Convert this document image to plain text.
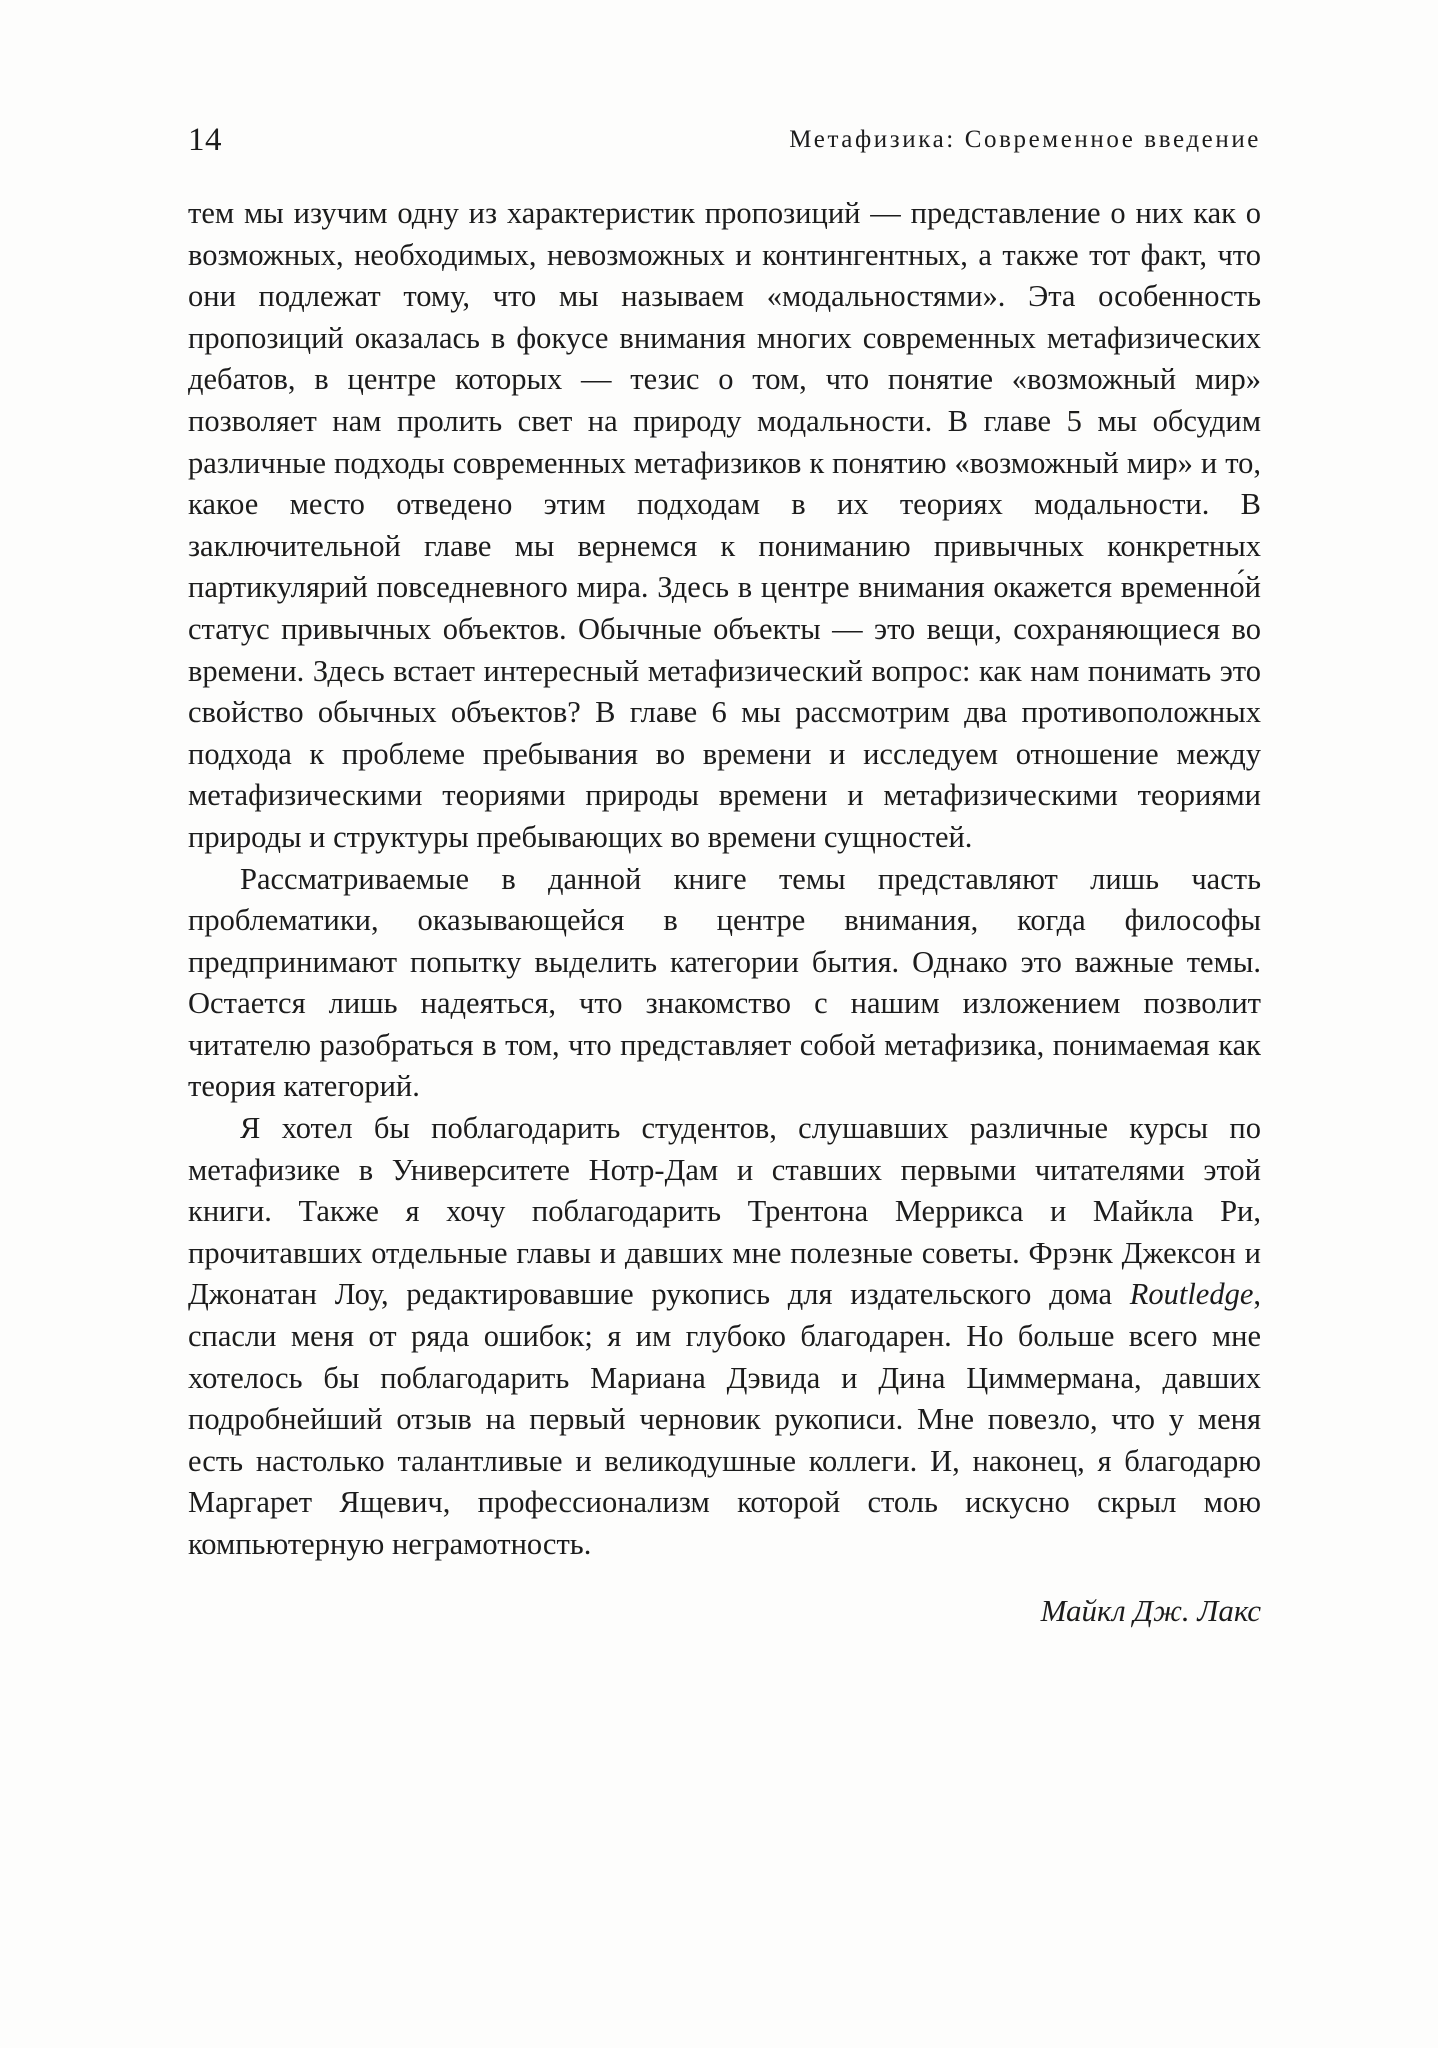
14	Метафизика: Современное введение

тем мы изучим одну из характеристик пропозиций — представление о них как о возможных, необходимых, невозможных и контингентных, а также тот факт, что они подлежат тому, что мы называем «модальностями». Эта особенность пропозиций оказалась в фокусе внимания многих современных метафизических дебатов, в центре которых — тезис о том, что понятие «возможный мир» позволяет нам пролить свет на природу модальности. В главе 5 мы обсудим различные подходы современных метафизиков к понятию «возможный мир» и то, какое место отведено этим подходам в их теориях модальности. В заключительной главе мы вернемся к пониманию привычных конкретных партикулярий повседневного мира. Здесь в центре внимания окажется временно́й статус привычных объектов. Обычные объекты — это вещи, сохраняющиеся во времени. Здесь встает интересный метафизический вопрос: как нам понимать это свойство обычных объектов? В главе 6 мы рассмотрим два противоположных подхода к проблеме пребывания во времени и исследуем отношение между метафизическими теориями природы времени и метафизическими теориями природы и структуры пребывающих во времени сущностей.

Рассматриваемые в данной книге темы представляют лишь часть проблематики, оказывающейся в центре внимания, когда философы предпринимают попытку выделить категории бытия. Однако это важные темы. Остается лишь надеяться, что знакомство с нашим изложением позволит читателю разобраться в том, что представляет собой метафизика, понимаемая как теория категорий.

Я хотел бы поблагодарить студентов, слушавших различные курсы по метафизике в Университете Нотр-Дам и ставших первыми читателями этой книги. Также я хочу поблагодарить Трентона Меррикса и Майкла Ри, прочитавших отдельные главы и давших мне полезные советы. Фрэнк Джексон и Джонатан Лоу, редактировавшие рукопись для издательского дома Routledge, спасли меня от ряда ошибок; я им глубоко благодарен. Но больше всего мне хотелось бы поблагодарить Мариана Дэвида и Дина Циммермана, давших подробнейший отзыв на первый черновик рукописи. Мне повезло, что у меня есть настолько талантливые и великодушные коллеги. И, наконец, я благодарю Маргарет Ящевич, профессионализм которой столь искусно скрыл мою компьютерную неграмотность.

Майкл Дж. Лакс
